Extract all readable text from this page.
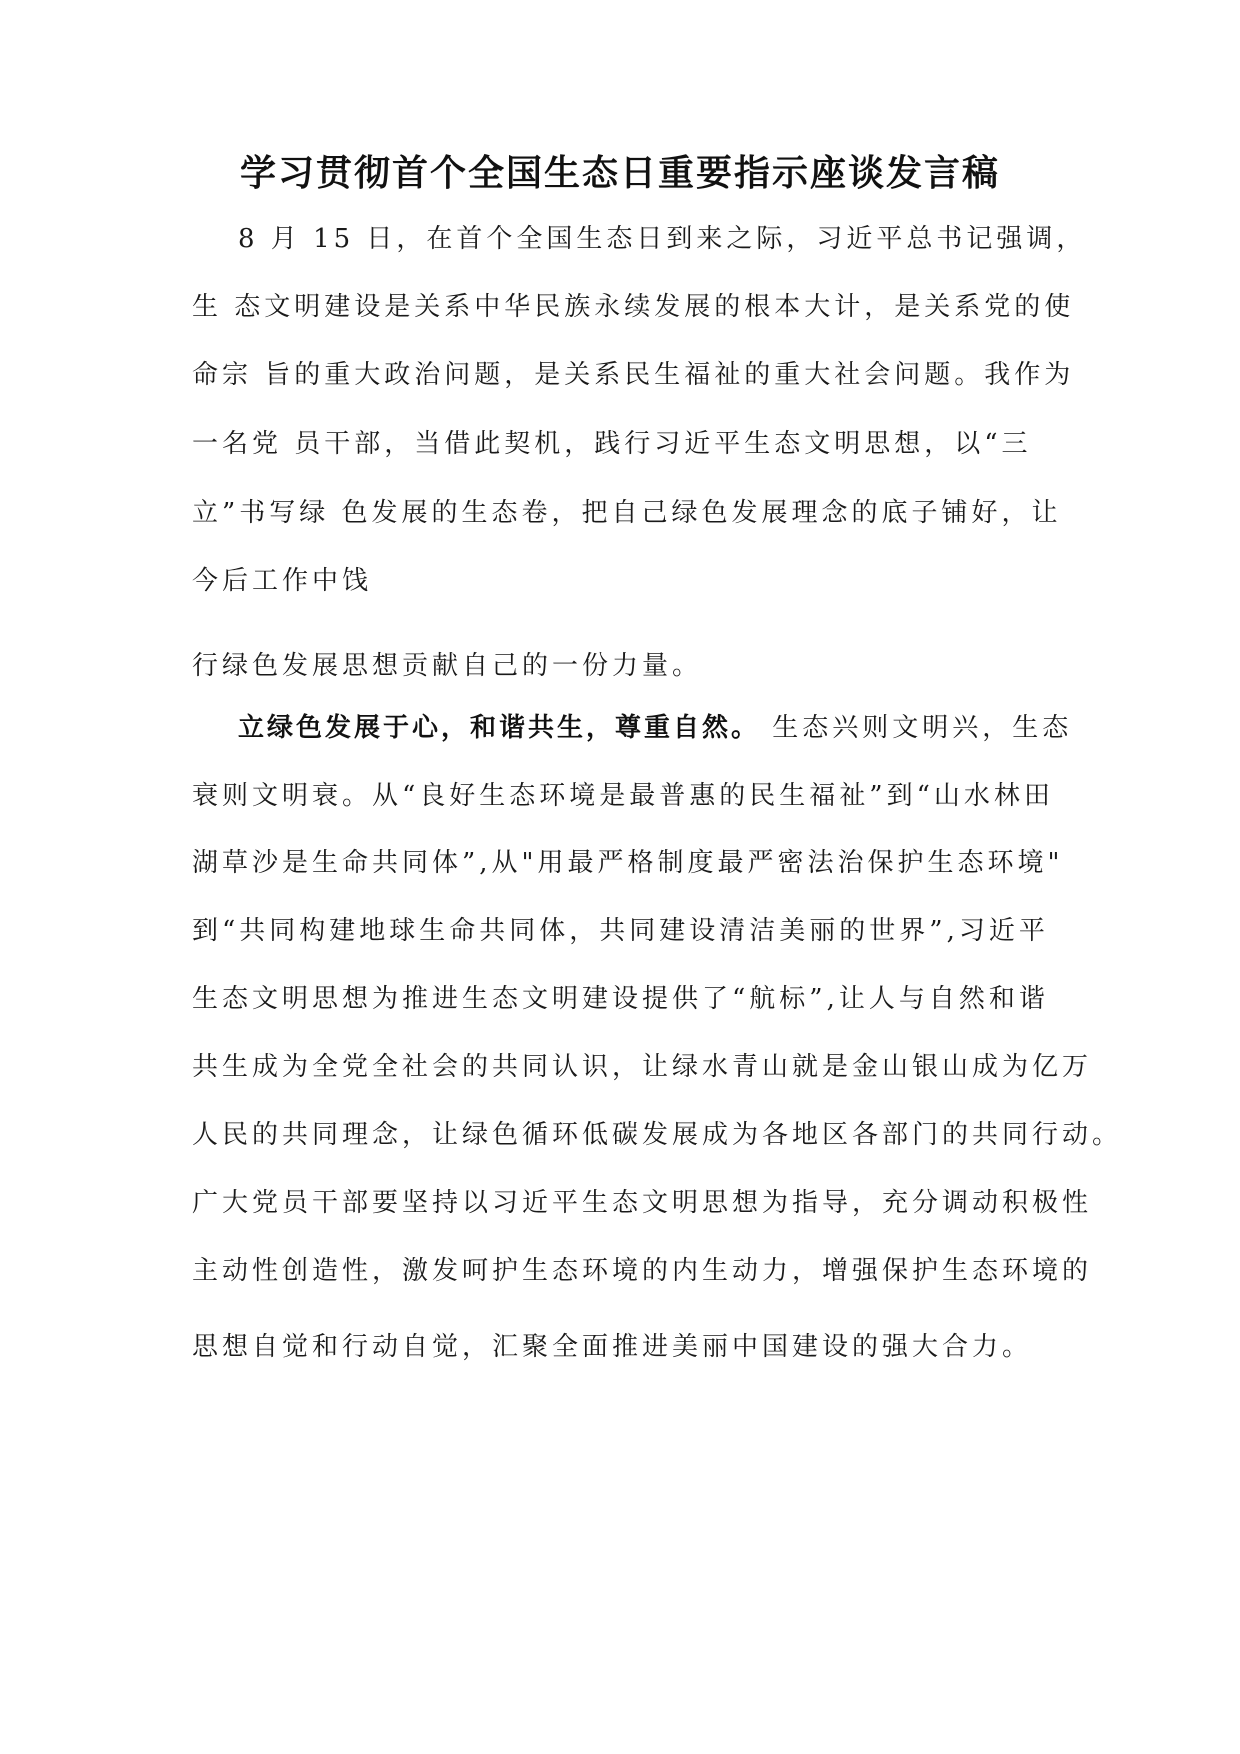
学习贯彻首个全国生态日重要指示座谈发言稿

8 月 15 日，在首个全国生态日到来之际，习近平总书记强调，

生 态文明建设是关系中华民族永续发展的根本大计，是关系党的使

命宗 旨的重大政治问题，是关系民生福祉的重大社会问题。我作为

一名党 员干部，当借此契机，践行习近平生态文明思想，以“三

立”书写绿 色发展的生态卷，把自己绿色发展理念的底子铺好，让

今后工作中饯

行绿色发展思想贡献自己的一份力量。

立绿色发展于心，和谐共生，尊重自然。 生态兴则文明兴，生态

衰则文明衰。从“良好生态环境是最普惠的民生福祉”到“山水林田

湖草沙是生命共同体”,从"用最严格制度最严密法治保护生态环境"

到“共同构建地球生命共同体，共同建设清洁美丽的世界”,习近平

生态文明思想为推进生态文明建设提供了“航标”,让人与自然和谐

共生成为全党全社会的共同认识，让绿水青山就是金山银山成为亿万

人民的共同理念，让绿色循环低碳发展成为各地区各部门的共同行动。

广大党员干部要坚持以习近平生态文明思想为指导，充分调动积极性

主动性创造性，激发呵护生态环境的内生动力，增强保护生态环境的

思想自觉和行动自觉，汇聚全面推进美丽中国建设的强大合力。
